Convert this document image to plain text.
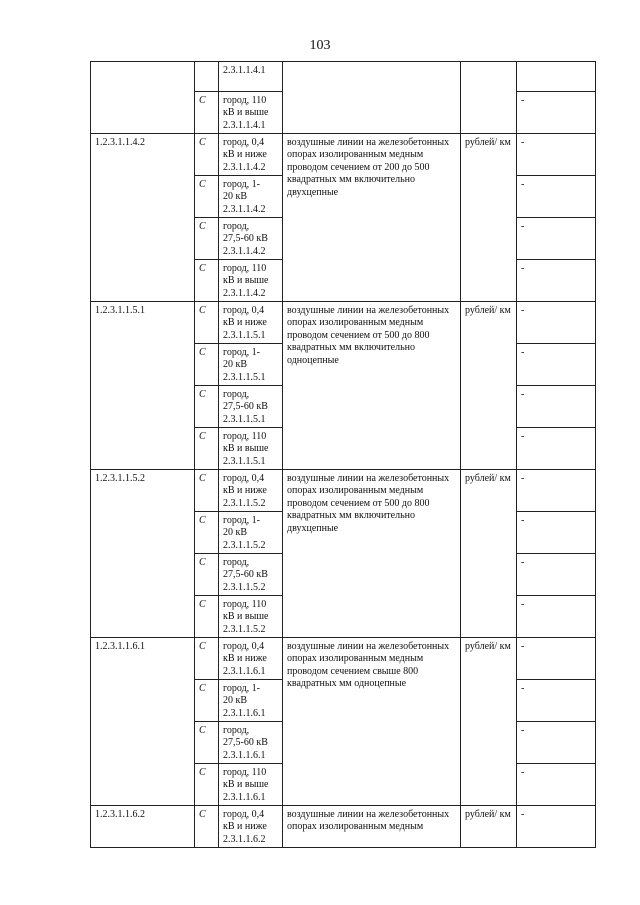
103

		2.3.1.1.4.1			

	С	город, 110
кВ и выше
2.3.1.1.4.1			-
1.2.3.1.1.4.2	С	город, 0,4
кВ и ниже
2.3.1.1.4.2	воздушные линии на железобетонных опорах изолированным медным проводом сечением от 200 до 500 квадратных мм включительно двухцепные	рублей/ км	-
	С	город, 1-
20 кВ
2.3.1.1.4.2			-
	С	город,
27,5-60 кВ
2.3.1.1.4.2			-
	С	город, 110
кВ и выше
2.3.1.1.4.2			-
1.2.3.1.1.5.1	С	город, 0,4
кВ и ниже
2.3.1.1.5.1	воздушные линии на железобетонных опорах изолированным медным проводом сечением от 500 до 800 квадратных мм включительно одноцепные	рублей/ км	-
	С	город, 1-
20 кВ
2.3.1.1.5.1			-
	С	город,
27,5-60 кВ
2.3.1.1.5.1			-
	С	город, 110
кВ и выше
2.3.1.1.5.1			-
1.2.3.1.1.5.2	С	город, 0,4
кВ и ниже
2.3.1.1.5.2	воздушные линии на железобетонных опорах изолированным медным проводом сечением от 500 до 800 квадратных мм включительно двухцепные	рублей/ км	-
	С	город, 1-
20 кВ
2.3.1.1.5.2			-
	С	город,
27,5-60 кВ
2.3.1.1.5.2			-
	С	город, 110
кВ и выше
2.3.1.1.5.2			-
1.2.3.1.1.6.1	С	город, 0,4
кВ и ниже
2.3.1.1.6.1	воздушные линии на железобетонных опорах изолированным медным проводом сечением свыше 800 квадратных мм одноцепные	рублей/ км	-
	С	город, 1-
20 кВ
2.3.1.1.6.1			-
	С	город,
27,5-60 кВ
2.3.1.1.6.1			-
	С	город, 110
кВ и выше
2.3.1.1.6.1			-
1.2.3.1.1.6.2	С	город, 0,4
кВ и ниже
2.3.1.1.6.2	воздушные линии на железобетонных опорах изолированным медным	рублей/ км	-
